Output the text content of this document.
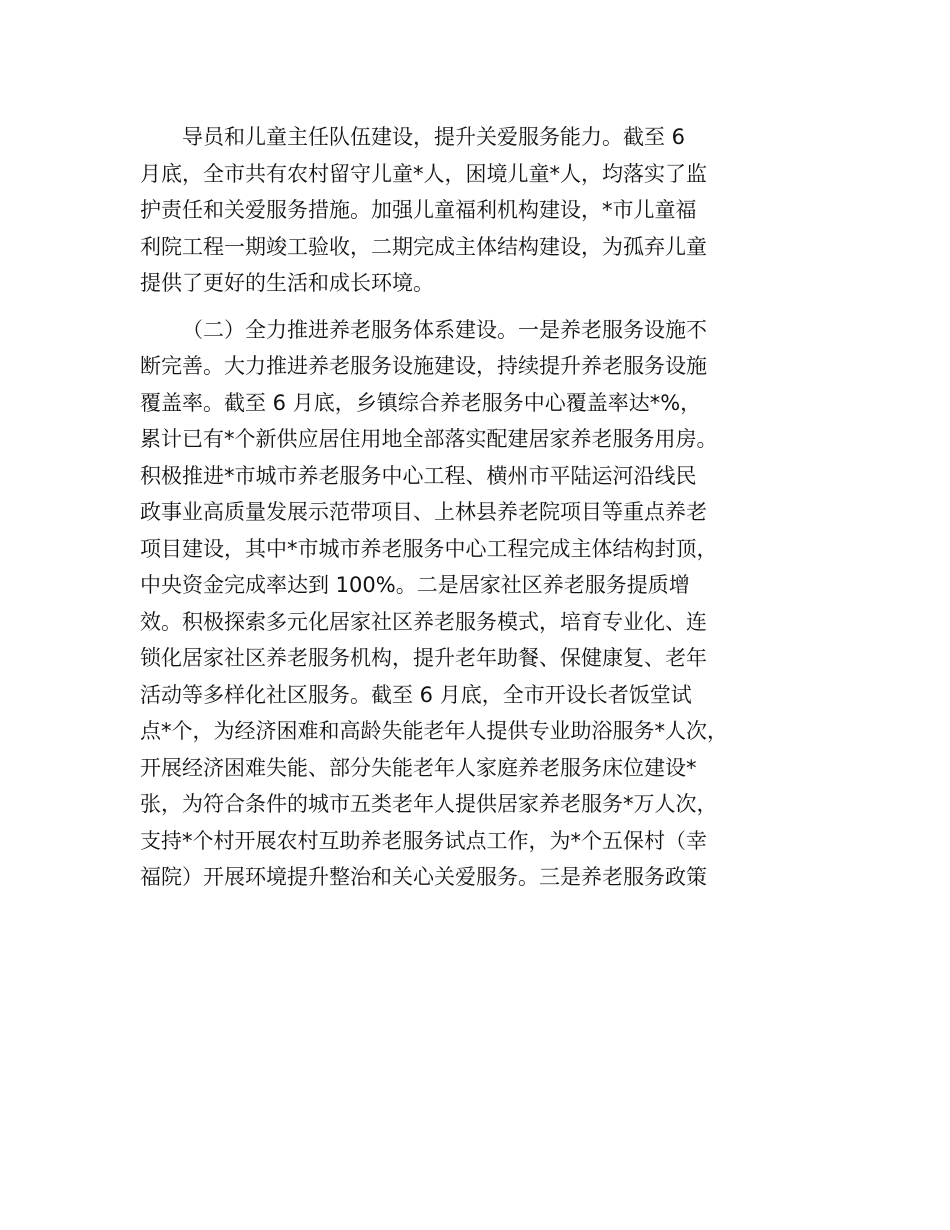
导员和儿童主任队伍建设，提升关爱服务能力。截至 6
月底，全市共有农村留守儿童*人，困境儿童*人，均落实了监
护责任和关爱服务措施。加强儿童福利机构建设，*市儿童福
利院工程一期竣工验收，二期完成主体结构建设，为孤弃儿童
提供了更好的生活和成长环境。
（二）全力推进养老服务体系建设。一是养老服务设施不
断完善。大力推进养老服务设施建设，持续提升养老服务设施
覆盖率。截至 6 月底，乡镇综合养老服务中心覆盖率达*%，
累计已有*个新供应居住用地全部落实配建居家养老服务用房。
积极推进*市城市养老服务中心工程、横州市平陆运河沿线民
政事业高质量发展示范带项目、上林县养老院项目等重点养老
项目建设，其中*市城市养老服务中心工程完成主体结构封顶，
中央资金完成率达到 100%。二是居家社区养老服务提质增
效。积极探索多元化居家社区养老服务模式，培育专业化、连
锁化居家社区养老服务机构，提升老年助餐、保健康复、老年
活动等多样化社区服务。截至 6 月底，全市开设长者饭堂试
点*个，为经济困难和高龄失能老年人提供专业助浴服务*人次，
开展经济困难失能、部分失能老年人家庭养老服务床位建设*
张，为符合条件的城市五类老年人提供居家养老服务*万人次，
支持*个村开展农村互助养老服务试点工作，为*个五保村（幸
福院）开展环境提升整治和关心关爱服务。三是养老服务政策
